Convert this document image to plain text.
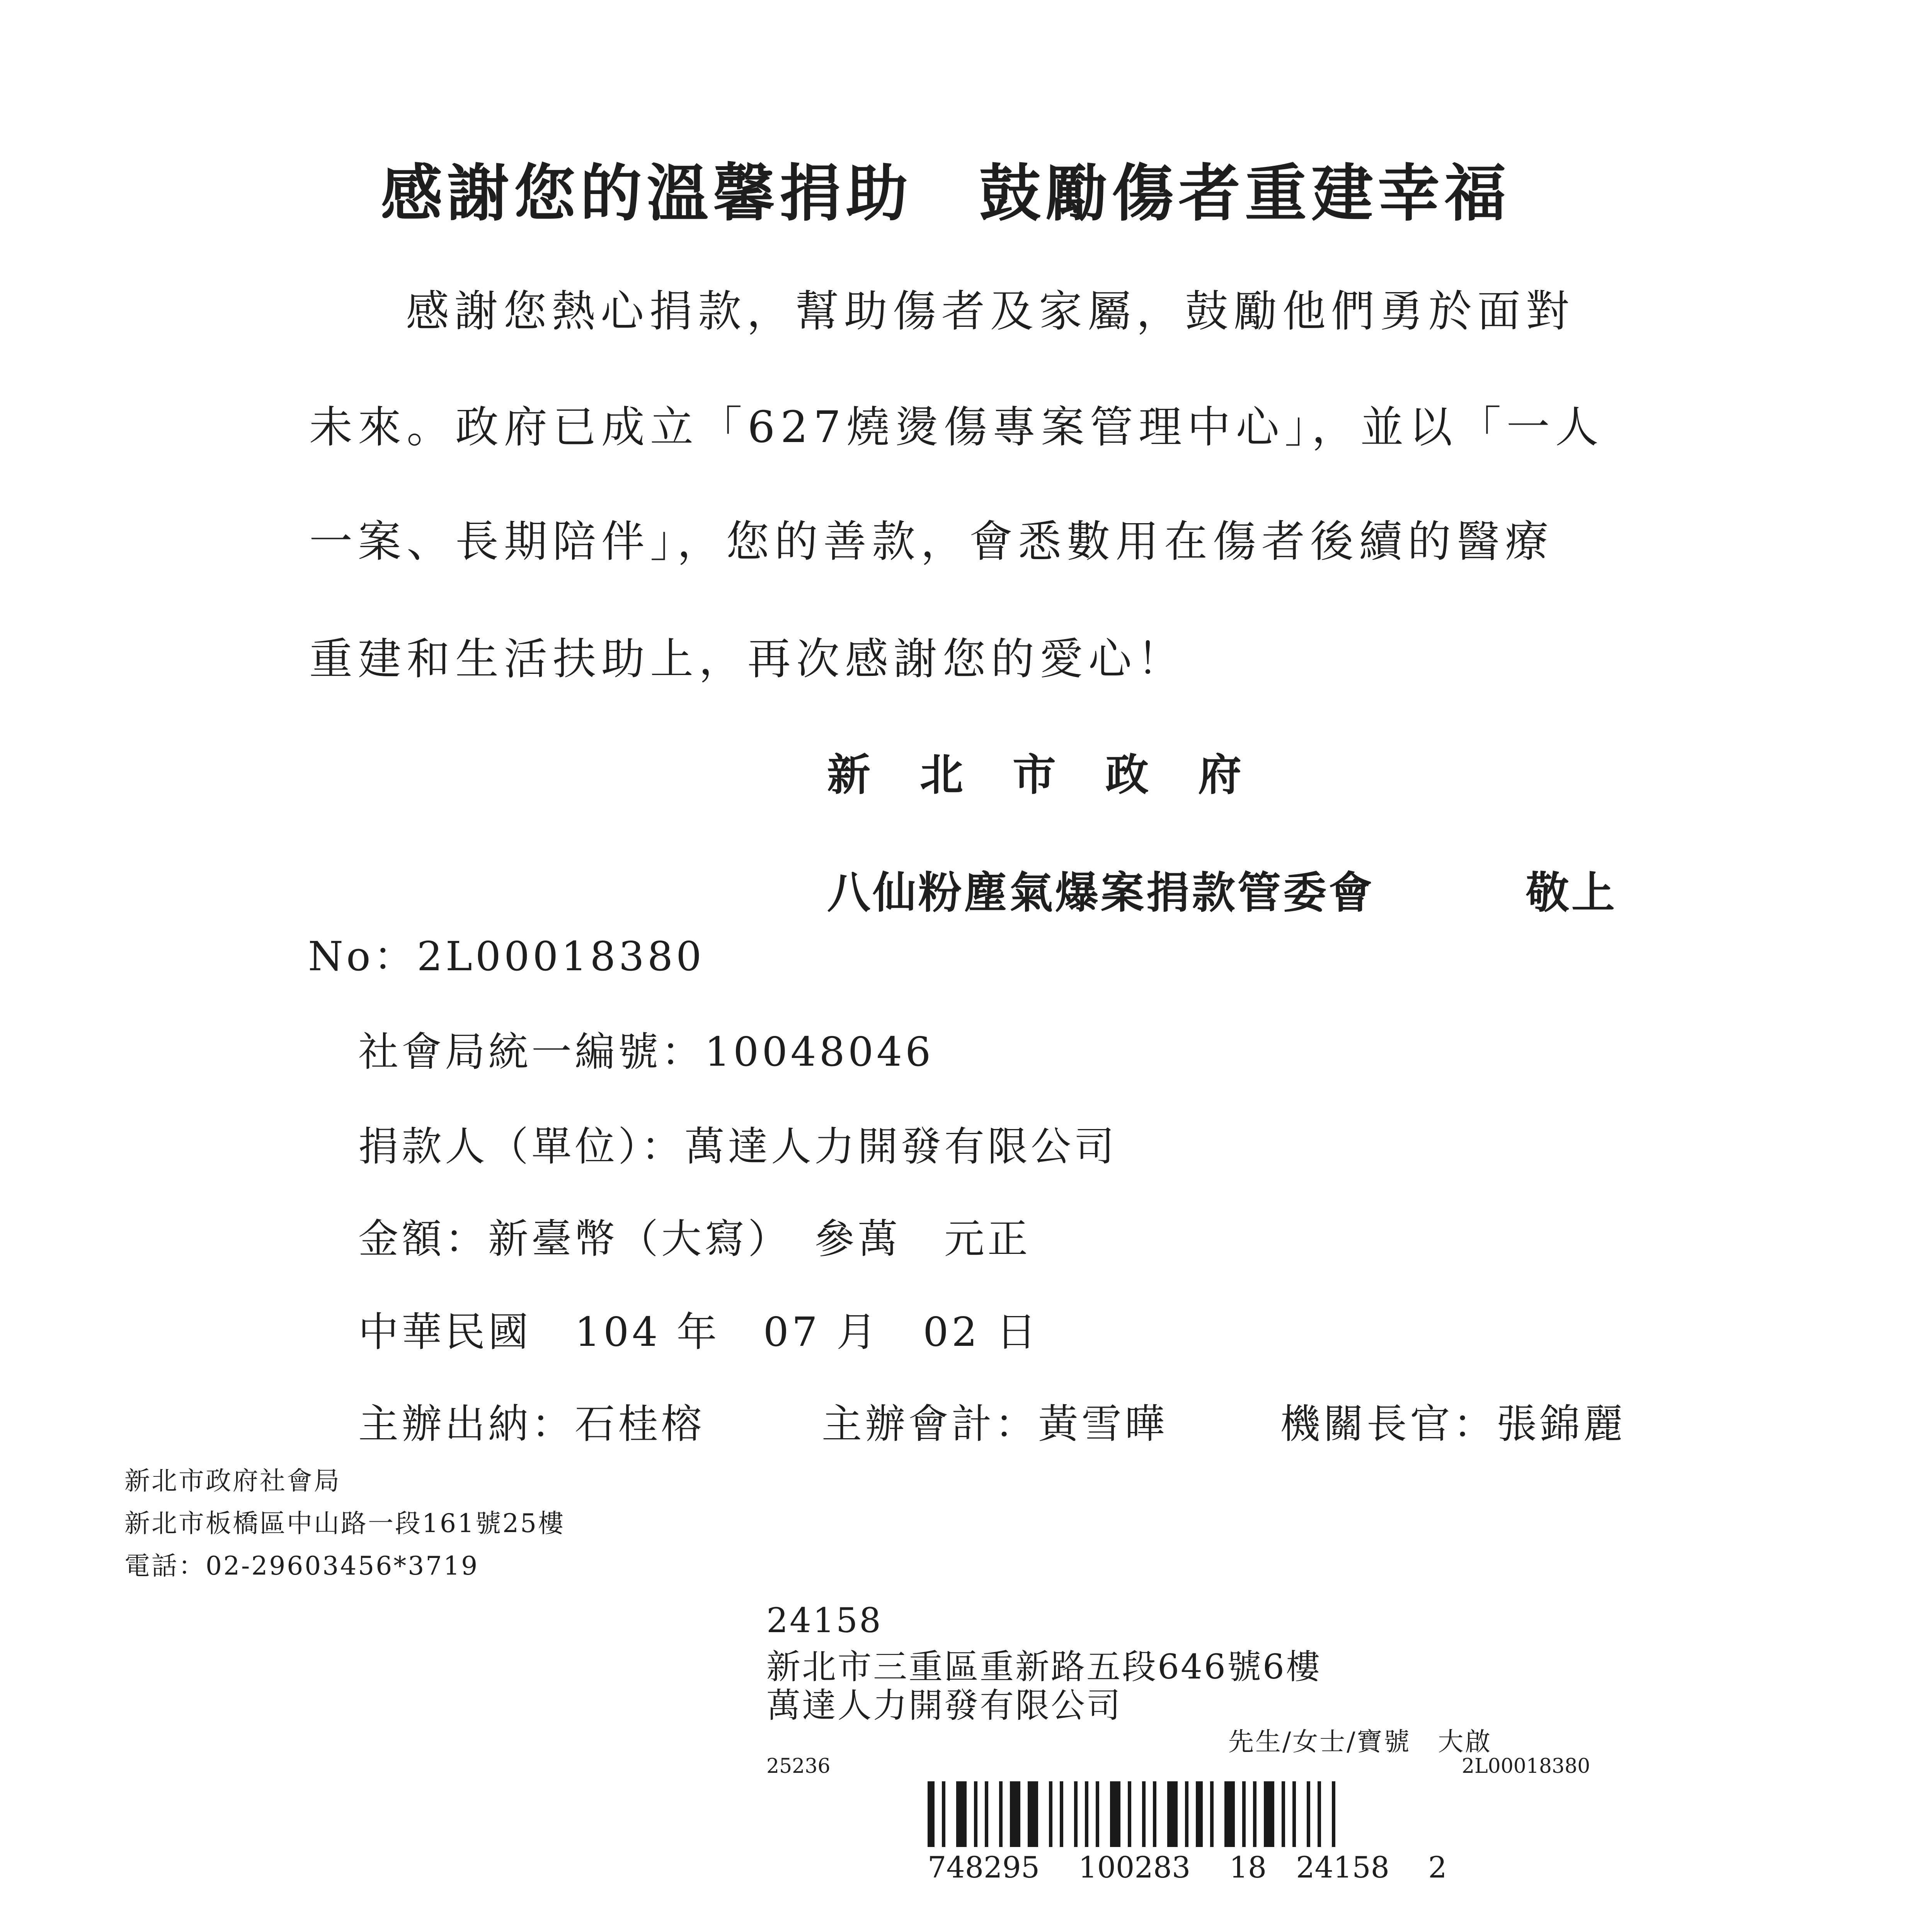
感謝您的溫馨捐助　鼓勵傷者重建幸福
感謝您熱心捐款，幫助傷者及家屬，鼓勵他們勇於面對
未來。政府已成立「627燒燙傷專案管理中心」，並以「一人
一案、長期陪伴」，您的善款，會悉數用在傷者後續的醫療
重建和生活扶助上，再次感謝您的愛心！
新　北　市　政　府
八仙粉塵氣爆案捐款管委會	敬上
No：2L00018380
社會局統一編號：10048046
捐款人（單位）：萬達人力開發有限公司
金額：新臺幣（大寫）　參萬　元正
中華民國　104 年　07 月　02 日
主辦出納：石桂榕	主辦會計：黃雪曄	機關長官：張錦麗
新北市政府社會局
新北市板橋區中山路一段161號25樓
電話：02-29603456*3719
24158
新北市三重區重新路五段646號6樓
萬達人力開發有限公司
先生/女士/寶號　大啟
25236	2L00018380
748295　 100283　 18　24158　 2
